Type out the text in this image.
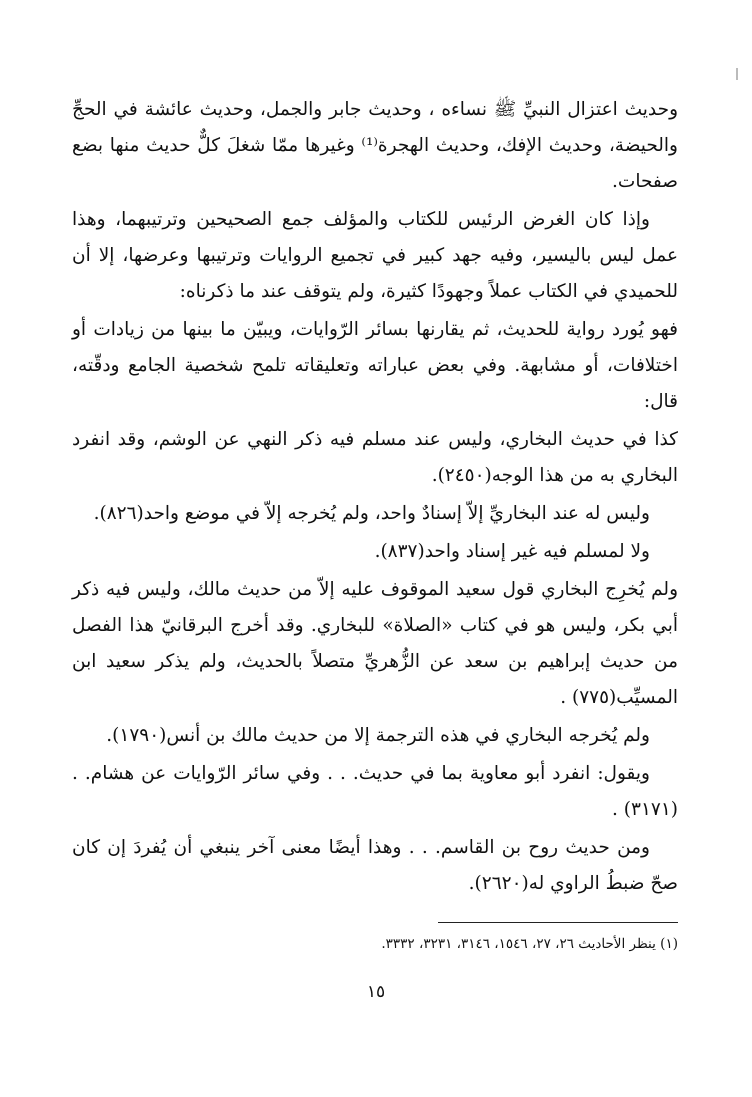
وحديث اعتزال النبيِّ ﷺ نساءه ، وحديث جابر والجمل، وحديث عائشة في الحجِّ والحيضة، وحديث الإفك، وحديث الهجرة⁽¹⁾ وغيرها ممّا شغلَ كلٌّ حديث منها بضع صفحات.

وإذا كان الغرض الرئيس للكتاب والمؤلف جمع الصحيحين وترتيبهما، وهذا عمل ليس باليسير، وفيه جهد كبير في تجميع الروايات وترتيبها وعرضها، إلا أن للحميدي في الكتاب عملاً وجهودًا كثيرة، ولم يتوقف عند ما ذكرناه:

فهو يُورد رواية للحديث، ثم يقارنها بسائر الرّوايات، ويبيّن ما بينها من زيادات أو اختلافات، أو مشابهة. وفي بعض عباراته وتعليقاته تلمح شخصية الجامع ودقّته، قال:

كذا في حديث البخاري، وليس عند مسلم فيه ذكر النهي عن الوشم، وقد انفرد البخاري به من هذا الوجه(٢٤٥٠).

وليس له عند البخاريِّ إلاّ إسنادٌ واحد، ولم يُخرجه إلاّ في موضع واحد(٨٢٦).

ولا لمسلم فيه غير إسناد واحد(٨٣٧).

ولم يُخرِج البخاري قول سعيد الموقوف عليه إلاّ من حديث مالك، وليس فيه ذكر أبي بكر، وليس هو في كتاب «الصلاة» للبخاري. وقد أخرج البرقانيّ هذا الفصل من حديث إبراهيم بن سعد عن الزُّهريِّ متصلاً بالحديث، ولم يذكر سعيد ابن المسيِّب(٧٧٥) .

ولم يُخرجه البخاري في هذه الترجمة إلا من حديث مالك بن أنس(١٧٩٠).

ويقول: انفرد أبو معاوية بما في حديث. . . وفي سائر الرّوايات عن هشام. . (٣١٧١) .

ومن حديث روح بن القاسم. . . وهذا أيضًا معنى آخر ينبغي أن يُفردَ إن كان صحّ ضبطُ الراوي له(٢٦٢٠).

(١) ينظر الأحاديث ٢٦، ٢٧، ١٥٤٦، ٣١٤٦، ٣٢٣١، ٣٣٣٢.
١٥
